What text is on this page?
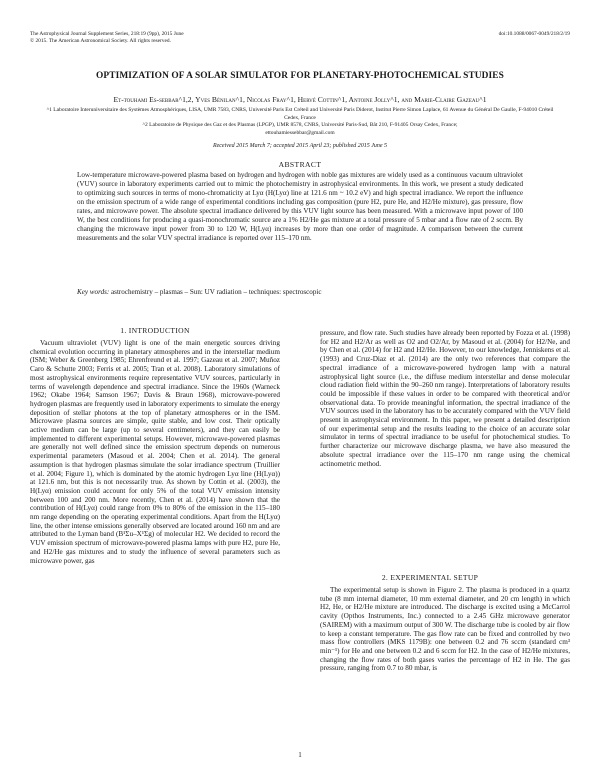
The Astrophysical Journal Supplement Series, 218:19 (9pp), 2015 June
© 2015. The American Astronomical Society. All rights reserved.
doi:10.1088/0067-0049/218/2/19
OPTIMIZATION OF A SOLAR SIMULATOR FOR PLANETARY-PHOTOCHEMICAL STUDIES
Et-touhami Es-sebbar^1,2, Yves Bénilan^1, Nicolas Fray^1, Hervé Cottin^1, Antoine Jolly^1, and Marie-Claire Gazeau^1
^1 Laboratoire Interuniversitaire des Systèmes Atmosphériques, LISA, UMR 7583, CNRS, Université Paris Est Créteil and Université Paris Diderot, Institut Pierre Simon Laplace, 61 Avenue du Général De Gaulle, F-94010 Créteil Cedex, France
^2 Laboratoire de Physique des Gaz et des Plasmas (LPGP), UMR 8578, CNRS, Université Paris-Sud, Bât 210, F-91405 Orsay Cedex, France;
ettouhamiessebbar@gmail.com
Received 2015 March 7; accepted 2015 April 23; published 2015 June 5
ABSTRACT

Low-temperature microwave-powered plasma based on hydrogen and hydrogen with noble gas mixtures are widely used as a continuous vacuum ultraviolet (VUV) source in laboratory experiments carried out to mimic the photochemistry in astrophysical environments. In this work, we present a study dedicated to optimizing such sources in terms of mono-chromaticity at Lyα (H(Lyα) line at 121.6 nm ~ 10.2 eV) and high spectral irradiance. We report the influence on the emission spectrum of a wide range of experimental conditions including gas composition (pure H2, pure He, and H2/He mixture), gas pressure, flow rates, and microwave power. The absolute spectral irradiance delivered by this VUV light source has been measured. With a microwave input power of 100 W, the best conditions for producing a quasi-monochromatic source are a 1% H2/He gas mixture at a total pressure of 5 mbar and a flow rate of 2 sccm. By changing the microwave input power from 30 to 120 W, H(Lyα) increases by more than one order of magnitude. A comparison between the current measurements and the solar VUV spectral irradiance is reported over 115–170 nm.

Key words: astrochemistry – plasmas – Sun: UV radiation – techniques: spectroscopic

1. INTRODUCTION

Vacuum ultraviolet (VUV) light is one of the main energetic sources driving chemical evolution occurring in planetary atmospheres and in the interstellar medium (ISM; Weber & Greenberg 1985; Ehrenfreund et al. 1997; Gazeau et al. 2007; Muñoz Caro & Schutte 2003; Ferris et al. 2005; Tran et al. 2008). Laboratory simulations of most astrophysical environments require representative VUV sources, particularly in terms of wavelength dependence and spectral irradiance. Since the 1960s (Warneck 1962; Okabe 1964; Samson 1967; Davis & Braun 1968), microwave-powered hydrogen plasmas are frequently used in laboratory experiments to simulate the energy deposition of stellar photons at the top of planetary atmospheres or in the ISM. Microwave plasma sources are simple, quite stable, and low cost. Their optically active medium can be large (up to several centimeters), and they can easily be implemented to different experimental setups. However, microwave-powered plasmas are generally not well defined since the emission spectrum depends on numerous experimental parameters (Masoud et al. 2004; Chen et al. 2014). The general assumption is that hydrogen plasmas simulate the solar irradiance spectrum (Truillier et al. 2004; Figure 1), which is dominated by the atomic hydrogen Lyα line (H(Lyα)) at 121.6 nm, but this is not necessarily true. As shown by Cottin et al. (2003), the H(Lyα) emission could account for only 5% of the total VUV emission intensity between 100 and 200 nm. More recently, Chen et al. (2014) have shown that the contribution of H(Lyα) could range from 0% to 80% of the emission in the 115–180 nm range depending on the operating experimental conditions. Apart from the H(Lyα) line, the other intense emissions generally observed are located around 160 nm and are attributed to the Lyman band (B¹Σu–X¹Σg) of molecular H2. We decided to record the VUV emission spectrum of microwave-powered plasma lamps with pure H2, pure He, and H2/He gas mixtures and to study the influence of several parameters such as microwave power, gas

pressure, and flow rate. Such studies have already been reported by Fozza et al. (1998) for H2 and H2/Ar as well as O2 and O2/Ar, by Masoud et al. (2004) for H2/Ne, and by Chen et al. (2014) for H2 and H2/He. However, to our knowledge, Jenniskens et al. (1993) and Cruz-Diaz et al. (2014) are the only two references that compare the spectral irradiance of a microwave-powered hydrogen lamp with a natural astrophysical light source (i.e., the diffuse medium interstellar and dense molecular cloud radiation field within the 90–260 nm range). Interpretations of laboratory results could be impossible if these values in order to be compared with theoretical and/or observational data. To provide meaningful information, the spectral irradiance of the VUV sources used in the laboratory has to be accurately compared with the VUV field present in astrophysical environment. In this paper, we present a detailed description of our experimental setup and the results leading to the choice of an accurate solar simulator in terms of spectral irradiance to be useful for photochemical studies. To further characterize our microwave discharge plasma, we have also measured the absolute spectral irradiance over the 115–170 nm range using the chemical actinometric method.

2. EXPERIMENTAL SETUP

The experimental setup is shown in Figure 2. The plasma is produced in a quartz tube (8 mm internal diameter, 10 mm external diameter, and 20 cm length) in which H2, He, or H2/He mixture are introduced. The discharge is excited using a McCarrol cavity (Opthos Instruments, Inc.) connected to a 2.45 GHz microwave generator (SAIREM) with a maximum output of 300 W. The discharge tube is cooled by air flow to keep a constant temperature. The gas flow rate can be fixed and controlled by two mass flow controllers (MKS 1179B): one between 0.2 and 76 sccm (standard cm³ min⁻¹) for He and one between 0.2 and 6 sccm for H2. In the case of H2/He mixtures, changing the flow rates of both gases varies the percentage of H2 in He. The gas pressure, ranging from 0.7 to 80 mbar, is

1
